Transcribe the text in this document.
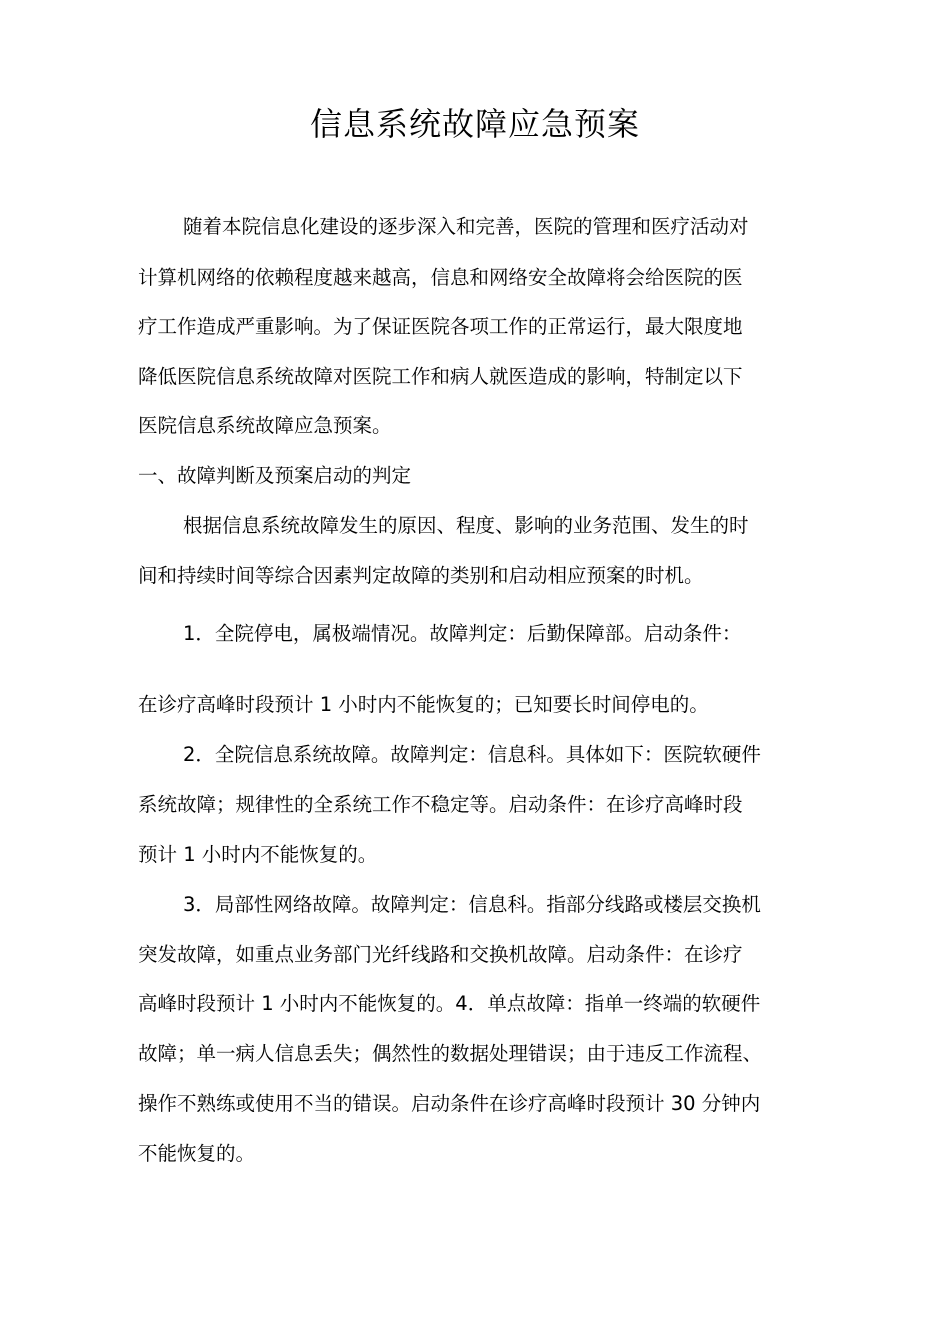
信息系统故障应急预案
随着本院信息化建设的逐步深入和完善，医院的管理和医疗活动对
计算机网络的依赖程度越来越高，信息和网络安全故障将会给医院的医
疗工作造成严重影响。为了保证医院各项工作的正常运行，最大限度地
降低医院信息系统故障对医院工作和病人就医造成的影响，特制定以下
医院信息系统故障应急预案。
一、故障判断及预案启动的判定
根据信息系统故障发生的原因、程度、影响的业务范围、发生的时
间和持续时间等综合因素判定故障的类别和启动相应预案的时机。
1．全院停电，属极端情况。故障判定：后勤保障部。启动条件：
在诊疗高峰时段预计 1 小时内不能恢复的；已知要长时间停电的。
2．全院信息系统故障。故障判定：信息科。具体如下：医院软硬件
系统故障；规律性的全系统工作不稳定等。启动条件：在诊疗高峰时段
预计 1 小时内不能恢复的。
3．局部性网络故障。故障判定：信息科。指部分线路或楼层交换机
突发故障，如重点业务部门光纤线路和交换机故障。启动条件：在诊疗
高峰时段预计 1 小时内不能恢复的。4．单点故障：指单一终端的软硬件
故障；单一病人信息丢失；偶然性的数据处理错误；由于违反工作流程、
操作不熟练或使用不当的错误。启动条件在诊疗高峰时段预计 30 分钟内
不能恢复的。
